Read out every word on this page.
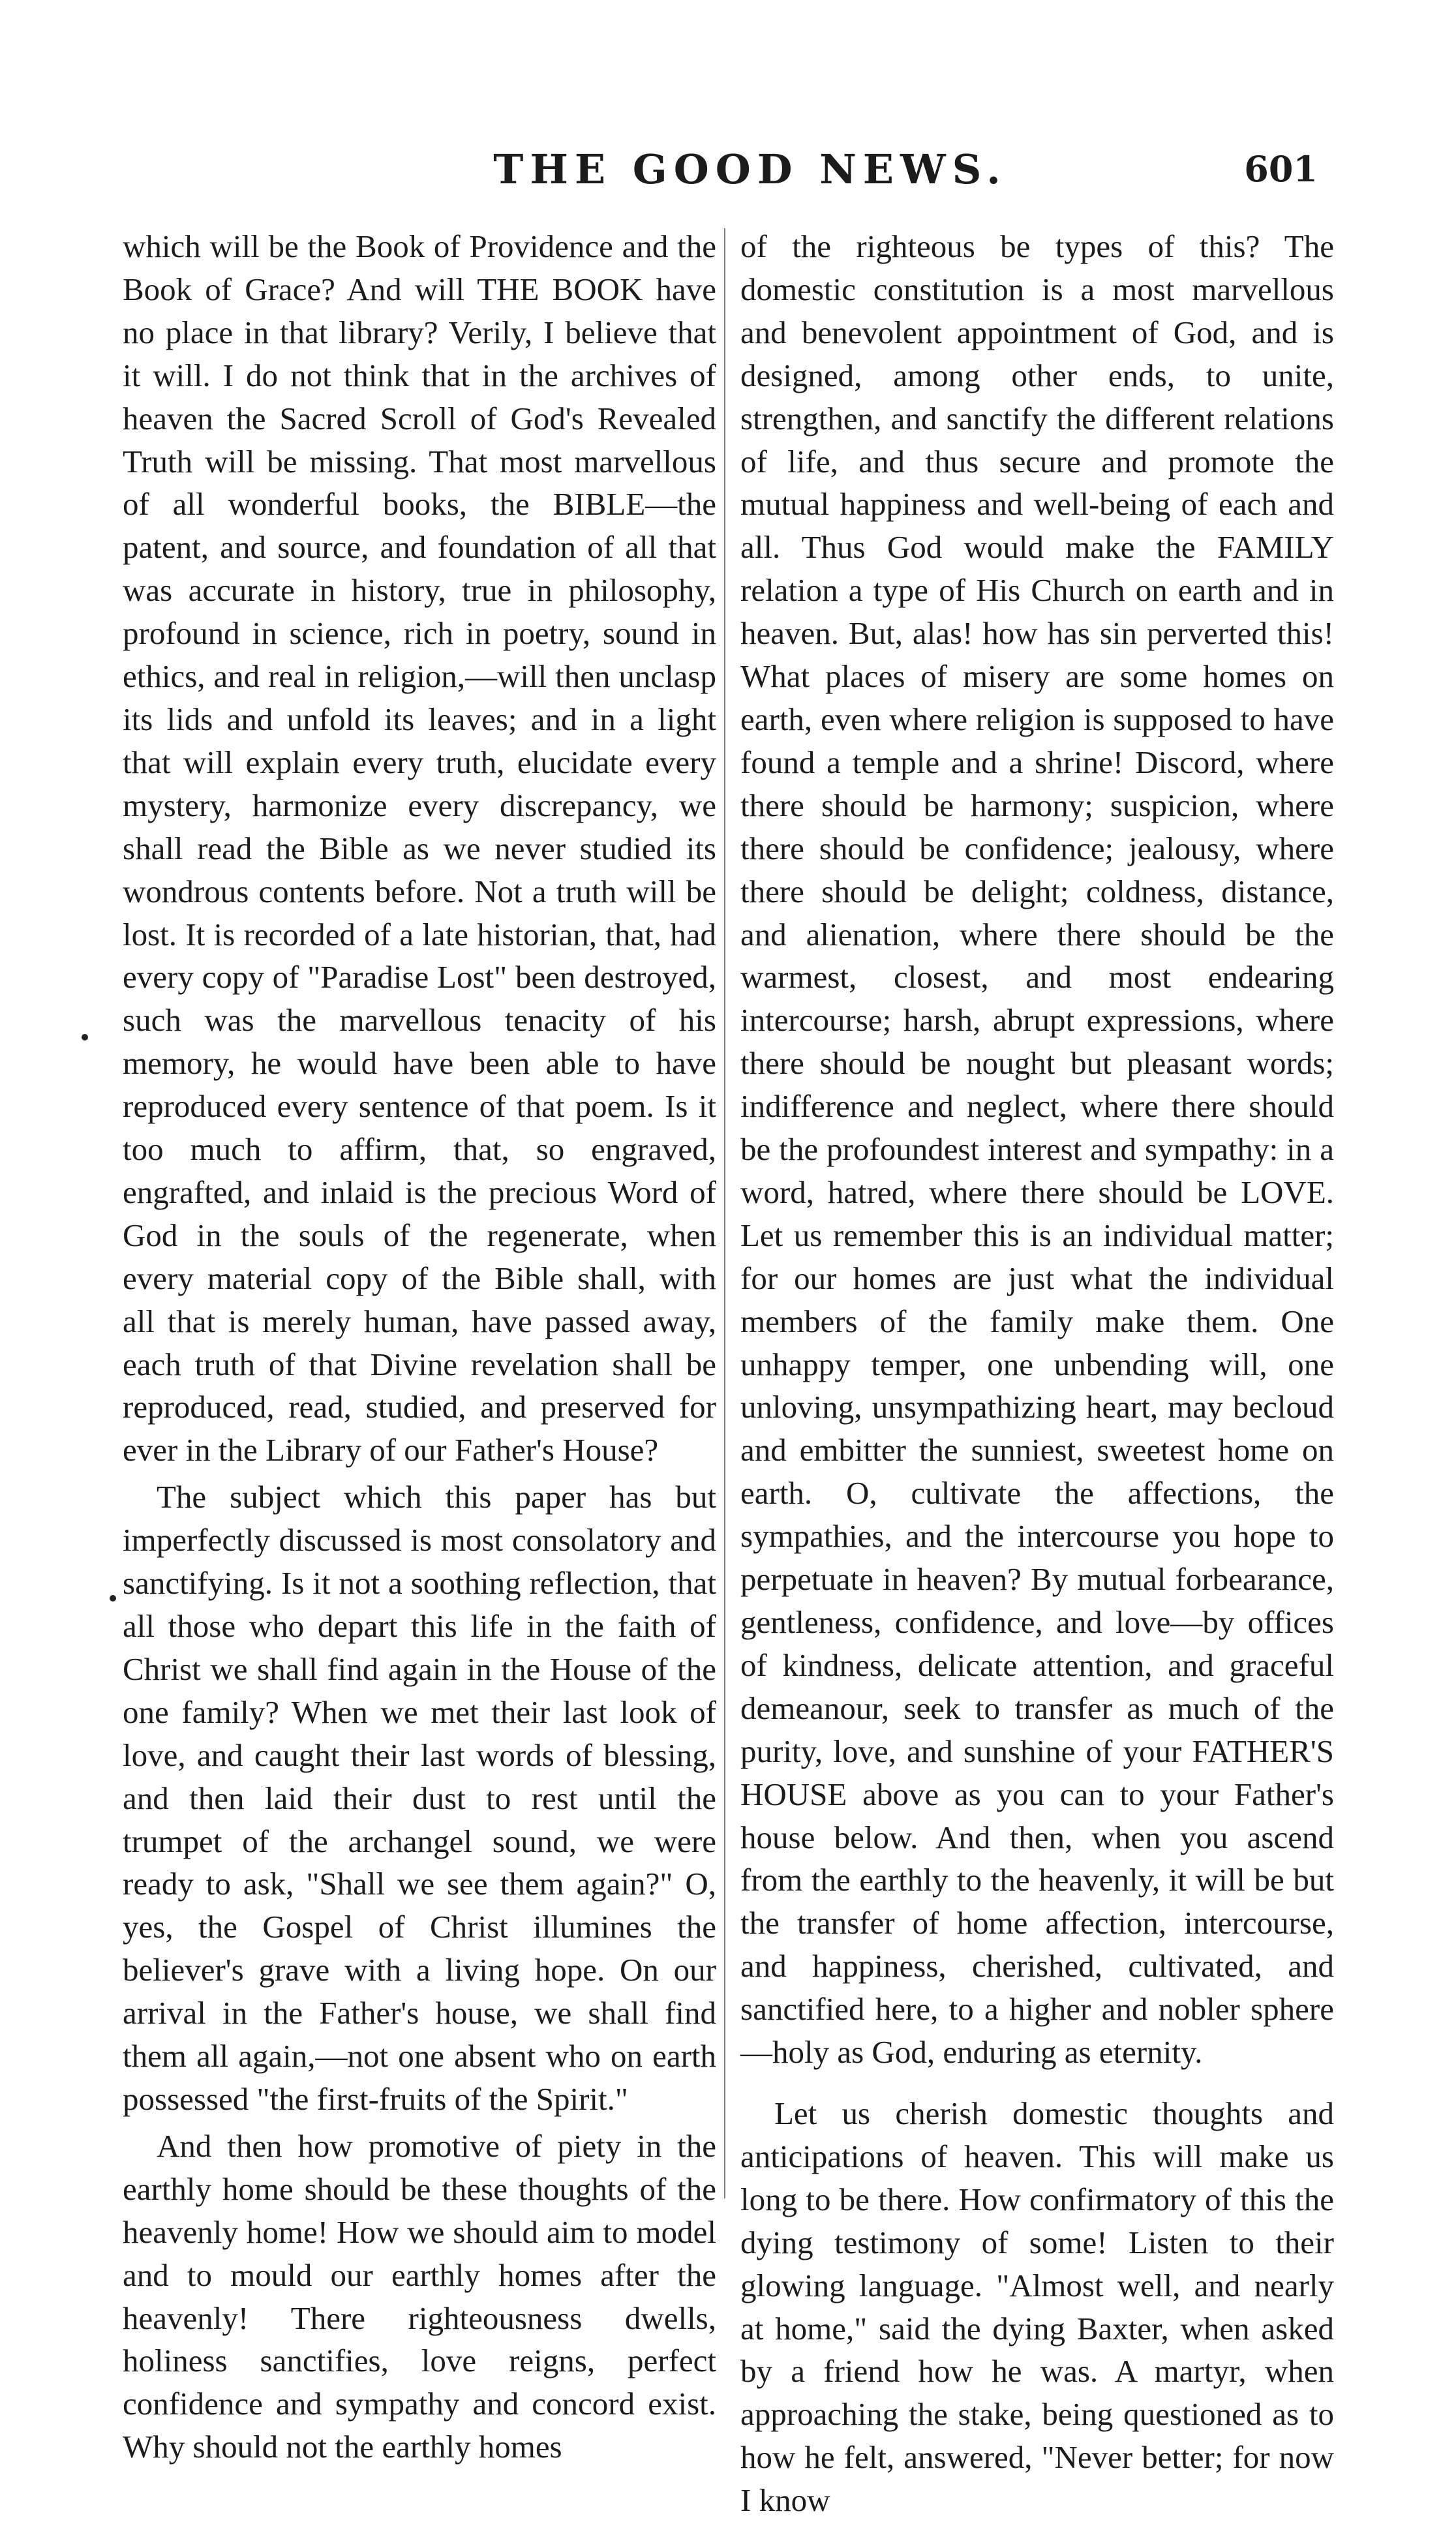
THE GOOD NEWS.	601

which will be the Book of Providence and the Book of Grace? And will THE BOOK have no place in that library? Verily, I believe that it will. I do not think that in the archives of heaven the Sacred Scroll of God's Revealed Truth will be missing. That most marvellous of all wonderful books, the BIBLE—the patent, and source, and foundation of all that was accurate in history, true in philosophy, profound in science, rich in poetry, sound in ethics, and real in religion,—will then unclasp its lids and unfold its leaves; and in a light that will explain every truth, elucidate every mystery, harmonize every discrepancy, we shall read the Bible as we never studied its wondrous contents before. Not a truth will be lost. It is recorded of a late historian, that, had every copy of "Paradise Lost" been destroyed, such was the marvellous tenacity of his memory, he would have been able to have reproduced every sentence of that poem. Is it too much to affirm, that, so engraved, engrafted, and inlaid is the precious Word of God in the souls of the regenerate, when every material copy of the Bible shall, with all that is merely human, have passed away, each truth of that Divine revelation shall be reproduced, read, studied, and preserved for ever in the Library of our Father's House?

The subject which this paper has but imperfectly discussed is most consolatory and sanctifying. Is it not a soothing reflection, that all those who depart this life in the faith of Christ we shall find again in the House of the one family? When we met their last look of love, and caught their last words of blessing, and then laid their dust to rest until the trumpet of the archangel sound, we were ready to ask, "Shall we see them again?" O, yes, the Gospel of Christ illumines the believer's grave with a living hope. On our arrival in the Father's house, we shall find them all again,—not one absent who on earth possessed "the first-fruits of the Spirit."

And then how promotive of piety in the earthly home should be these thoughts of the heavenly home! How we should aim to model and to mould our earthly homes after the heavenly! There righteousness dwells, holiness sanctifies, love reigns, perfect confidence and sympathy and concord exist. Why should not the earthly homes

of the righteous be types of this? The domestic constitution is a most marvellous and benevolent appointment of God, and is designed, among other ends, to unite, strengthen, and sanctify the different relations of life, and thus secure and promote the mutual happiness and well-being of each and all. Thus God would make the FAMILY relation a type of His Church on earth and in heaven. But, alas! how has sin perverted this! What places of misery are some homes on earth, even where religion is supposed to have found a temple and a shrine! Discord, where there should be harmony; suspicion, where there should be confidence; jealousy, where there should be delight; coldness, distance, and alienation, where there should be the warmest, closest, and most endearing intercourse; harsh, abrupt expressions, where there should be nought but pleasant words; indifference and neglect, where there should be the profoundest interest and sympathy: in a word, hatred, where there should be LOVE. Let us remember this is an individual matter; for our homes are just what the individual members of the family make them. One unhappy temper, one unbending will, one unloving, unsympathizing heart, may becloud and embitter the sunniest, sweetest home on earth. O, cultivate the affections, the sympathies, and the intercourse you hope to perpetuate in heaven? By mutual forbearance, gentleness, confidence, and love—by offices of kindness, delicate attention, and graceful demeanour, seek to transfer as much of the purity, love, and sunshine of your FATHER'S HOUSE above as you can to your Father's house below. And then, when you ascend from the earthly to the heavenly, it will be but the transfer of home affection, intercourse, and happiness, cherished, cultivated, and sanctified here, to a higher and nobler sphere—holy as God, enduring as eternity.

Let us cherish domestic thoughts and anticipations of heaven. This will make us long to be there. How confirmatory of this the dying testimony of some! Listen to their glowing language. "Almost well, and nearly at home," said the dying Baxter, when asked by a friend how he was. A martyr, when approaching the stake, being questioned as to how he felt, answered, "Never better; for now I know
